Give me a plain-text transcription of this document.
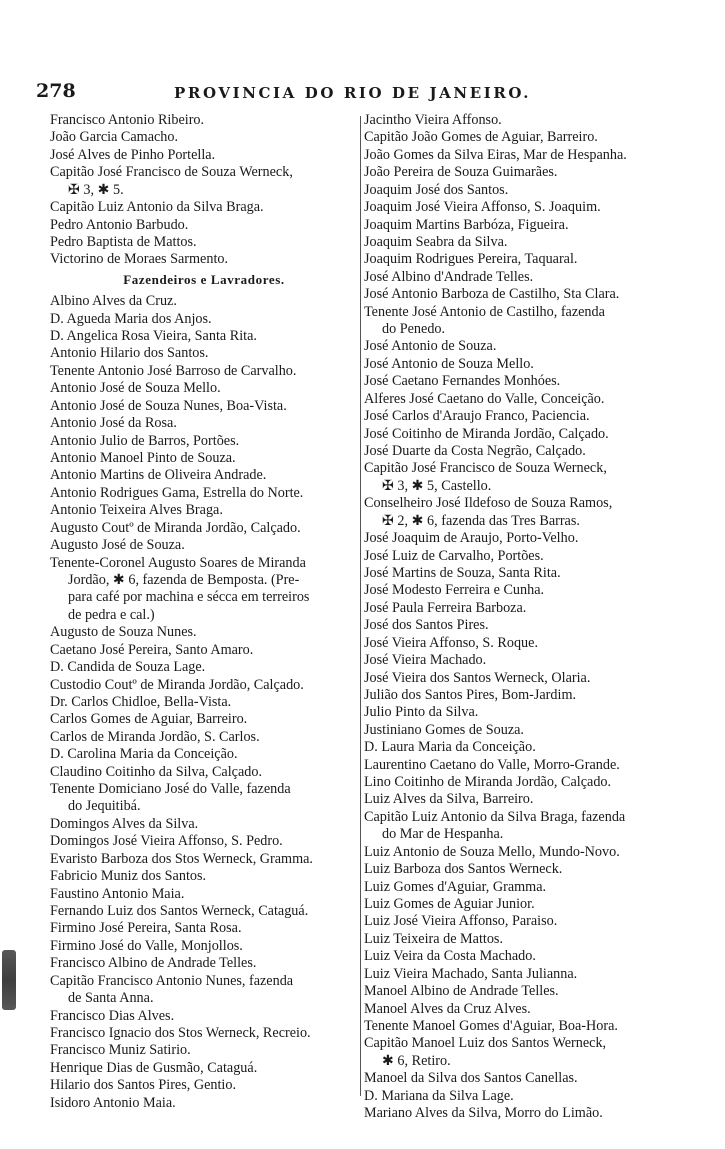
278	PROVINCIA DO RIO DE JANEIRO.
Francisco Antonio Ribeiro.
João Garcia Camacho.
José Alves de Pinho Portella.
Capitão José Francisco de Souza Werneck,
✠ 3, ✱ 5.
Capitão Luiz Antonio da Silva Braga.
Pedro Antonio Barbudo.
Pedro Baptista de Mattos.
Victorino de Moraes Sarmento.
Fazendeiros e Lavradores.
Albino Alves da Cruz.
D. Agueda Maria dos Anjos.
D. Angelica Rosa Vieira, Santa Rita.
Antonio Hilario dos Santos.
Tenente Antonio José Barroso de Carvalho.
Antonio José de Souza Mello.
Antonio José de Souza Nunes, Boa-Vista.
Antonio José da Rosa.
Antonio Julio de Barros, Portões.
Antonio Manoel Pinto de Souza.
Antonio Martins de Oliveira Andrade.
Antonio Rodrigues Gama, Estrella do Norte.
Antonio Teixeira Alves Braga.
Augusto Coutº de Miranda Jordão, Calçado.
Augusto José de Souza.
Tenente-Coronel Augusto Soares de Miranda
Jordão, ✱ 6, fazenda de Bemposta. (Pre-
para café por machina e sécca em terreiros
de pedra e cal.)
Augusto de Souza Nunes.
Caetano José Pereira, Santo Amaro.
D. Candida de Souza Lage.
Custodio Coutº de Miranda Jordão, Calçado.
Dr. Carlos Chidloe, Bella-Vista.
Carlos Gomes de Aguiar, Barreiro.
Carlos de Miranda Jordão, S. Carlos.
D. Carolina Maria da Conceição.
Claudino Coitinho da Silva, Calçado.
Tenente Domiciano José do Valle, fazenda
do Jequitibá.
Domingos Alves da Silva.
Domingos José Vieira Affonso, S. Pedro.
Evaristo Barboza dos Stos Werneck, Gramma.
Fabricio Muniz dos Santos.
Faustino Antonio Maia.
Fernando Luiz dos Santos Werneck, Cataguá.
Firmino José Pereira, Santa Rosa.
Firmino José do Valle, Monjollos.
Francisco Albino de Andrade Telles.
Capitão Francisco Antonio Nunes, fazenda
de Santa Anna.
Francisco Dias Alves.
Francisco Ignacio dos Stos Werneck, Recreio.
Francisco Muniz Satirio.
Henrique Dias de Gusmão, Cataguá.
Hilario dos Santos Pires, Gentio.
Isidoro Antonio Maia.
Jacintho Vieira Affonso.
Capitão João Gomes de Aguiar, Barreiro.
João Gomes da Silva Eiras, Mar de Hespanha.
João Pereira de Souza Guimarães.
Joaquim José dos Santos.
Joaquim José Vieira Affonso, S. Joaquim.
Joaquim Martins Barbóza, Figueira.
Joaquim Seabra da Silva.
Joaquim Rodrigues Pereira, Taquaral.
José Albino d'Andrade Telles.
José Antonio Barboza de Castilho, Sta Clara.
Tenente José Antonio de Castilho, fazenda
do Penedo.
José Antonio de Souza.
José Antonio de Souza Mello.
José Caetano Fernandes Monhóes.
Alferes José Caetano do Valle, Conceição.
José Carlos d'Araujo Franco, Paciencia.
José Coitinho de Miranda Jordão, Calçado.
José Duarte da Costa Negrão, Calçado.
Capitão José Francisco de Souza Werneck,
✠ 3, ✱ 5, Castello.
Conselheiro José Ildefoso de Souza Ramos,
✠ 2, ✱ 6, fazenda das Tres Barras.
José Joaquim de Araujo, Porto-Velho.
José Luiz de Carvalho, Portões.
José Martins de Souza, Santa Rita.
José Modesto Ferreira e Cunha.
José Paula Ferreira Barboza.
José dos Santos Pires.
José Vieira Affonso, S. Roque.
José Vieira Machado.
José Vieira dos Santos Werneck, Olaria.
Julião dos Santos Pires, Bom-Jardim.
Julio Pinto da Silva.
Justiniano Gomes de Souza.
D. Laura Maria da Conceição.
Laurentino Caetano do Valle, Morro-Grande.
Lino Coitinho de Miranda Jordão, Calçado.
Luiz Alves da Silva, Barreiro.
Capitão Luiz Antonio da Silva Braga, fazenda
do Mar de Hespanha.
Luiz Antonio de Souza Mello, Mundo-Novo.
Luiz Barboza dos Santos Werneck.
Luiz Gomes d'Aguiar, Gramma.
Luiz Gomes de Aguiar Junior.
Luiz José Vieira Affonso, Paraiso.
Luiz Teixeira de Mattos.
Luiz Veira da Costa Machado.
Luiz Vieira Machado, Santa Julianna.
Manoel Albino de Andrade Telles.
Manoel Alves da Cruz Alves.
Tenente Manoel Gomes d'Aguiar, Boa-Hora.
Capitão Manoel Luiz dos Santos Werneck,
✱ 6, Retiro.
Manoel da Silva dos Santos Canellas.
D. Mariana da Silva Lage.
Mariano Alves da Silva, Morro do Limão.
